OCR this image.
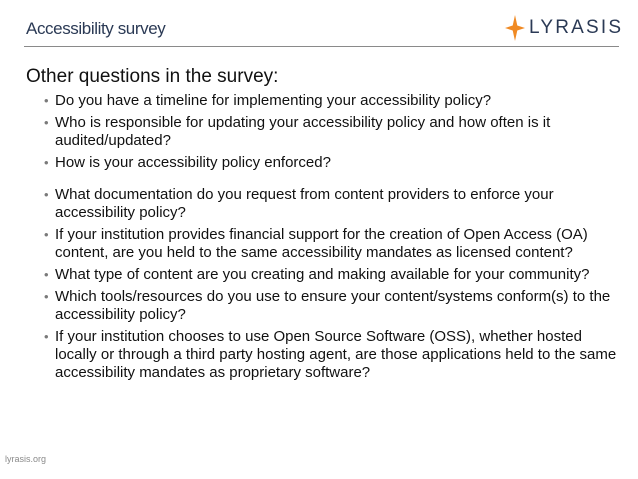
Accessibility survey	LYRASIS
Other questions in the survey:
• Do you have a timeline for implementing your accessibility policy?
• Who is responsible for updating your accessibility policy and how often is it audited/updated?
• How is your accessibility policy enforced?
• What documentation do you request from content providers to enforce your accessibility policy?
• If your institution provides financial support for the creation of Open Access (OA) content, are you held to the same accessibility mandates as licensed content?
• What type of content are you creating and making available for your community?
• Which tools/resources do you use to ensure your content/systems conform(s) to the accessibility policy?
• If your institution chooses to use Open Source Software (OSS), whether hosted locally or through a third party hosting agent, are those applications held to the same accessibility mandates as proprietary software?
lyrasis.org
